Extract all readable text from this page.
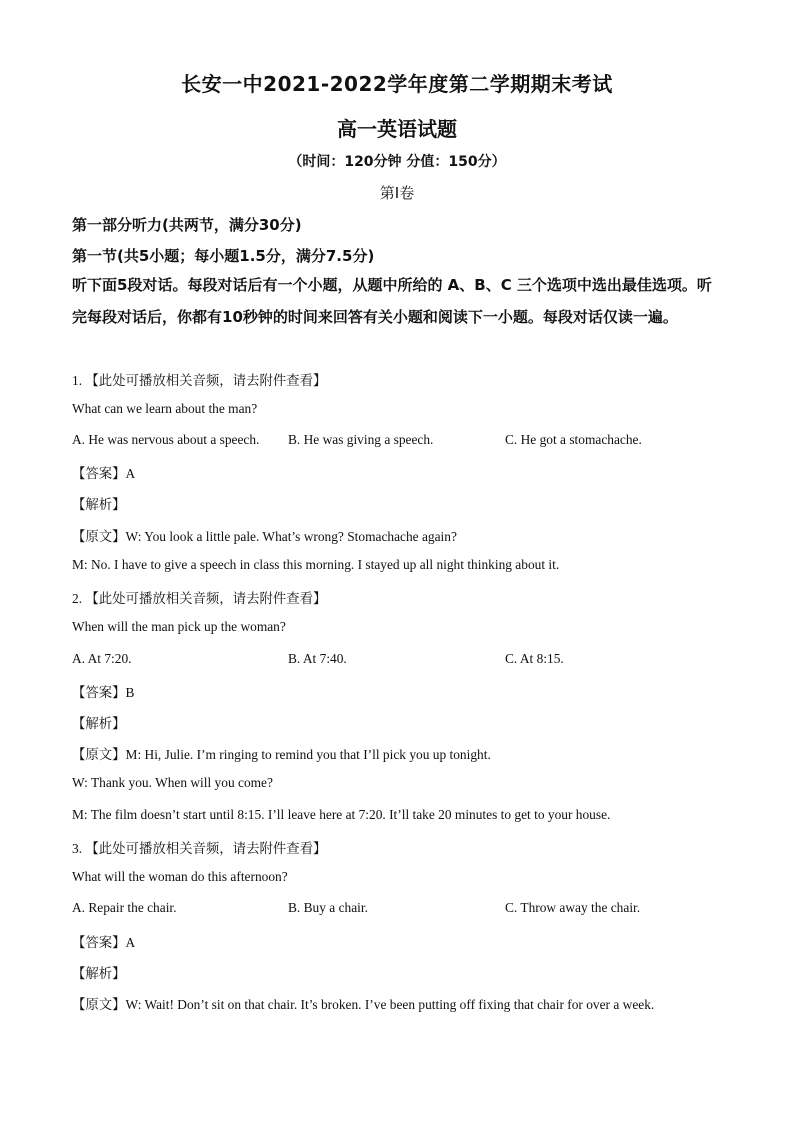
长安一中2021-2022学年度第二学期期末考试
高一英语试题
（时间：120分钟 分值：150分）
第Ⅰ卷
第一部分听力(共两节，满分30分)
第一节(共5小题；每小题1.5分，满分7.5分)
听下面5段对话。每段对话后有一个小题，从题中所给的 A、B、C 三个选项中选出最佳选项。听完每段对话后，你都有10秒钟的时间来回答有关小题和阅读下一小题。每段对话仅读一遍。
1. 【此处可播放相关音频，请去附件查看】
What can we learn about the man?
A. He was nervous about a speech. B. He was giving a speech.	C. He got a stomachache.
【答案】A
【解析】
【原文】W: You look a little pale. What’s wrong? Stomachache again?
M: No. I have to give a speech in class this morning. I stayed up all night thinking about it.
2. 【此处可播放相关音频，请去附件查看】
When will the man pick up the woman?
A. At 7:20.	B. At 7:40.	C. At 8:15.
【答案】B
【解析】
【原文】M: Hi, Julie. I’m ringing to remind you that I’ll pick you up tonight.
W: Thank you. When will you come?
M: The film doesn’t start until 8:15. I’ll leave here at 7:20. It’ll take 20 minutes to get to your house.
3. 【此处可播放相关音频，请去附件查看】
What will the woman do this afternoon?
A. Repair the chair.	B. Buy a chair.	C. Throw away the chair.
【答案】A
【解析】
【原文】W: Wait! Don’t sit on that chair. It’s broken. I’ve been putting off fixing that chair for over a week.
